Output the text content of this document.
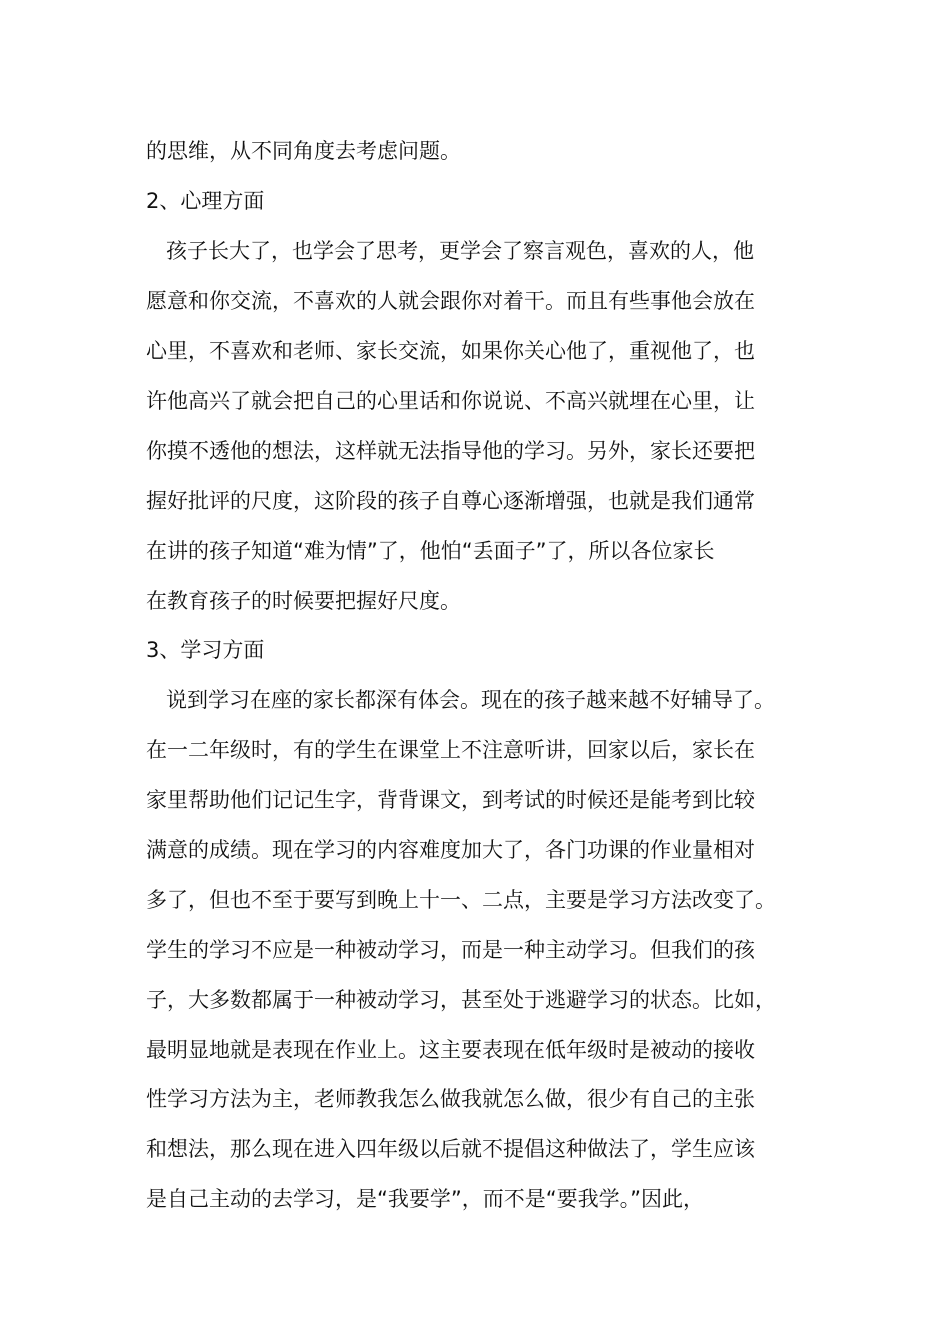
的思维，从不同角度去考虑问题。

2、心理方面

孩子长大了，也学会了思考，更学会了察言观色，喜欢的人，他

愿意和你交流，不喜欢的人就会跟你对着干。而且有些事他会放在

心里，不喜欢和老师、家长交流，如果你关心他了，重视他了，也

许他高兴了就会把自己的心里话和你说说、不高兴就埋在心里，让

你摸不透他的想法，这样就无法指导他的学习。另外，家长还要把

握好批评的尺度，这阶段的孩子自尊心逐渐增强，也就是我们通常

在讲的孩子知道“难为情”了，他怕“丢面子”了，所以各位家长

在教育孩子的时候要把握好尺度。

3、学习方面

说到学习在座的家长都深有体会。现在的孩子越来越不好辅导了。

在一二年级时，有的学生在课堂上不注意听讲，回家以后，家长在

家里帮助他们记记生字，背背课文，到考试的时候还是能考到比较

满意的成绩。现在学习的内容难度加大了，各门功课的作业量相对

多了，但也不至于要写到晚上十一、二点，主要是学习方法改变了。

学生的学习不应是一种被动学习，而是一种主动学习。但我们的孩

子，大多数都属于一种被动学习，甚至处于逃避学习的状态。比如，

最明显地就是表现在作业上。这主要表现在低年级时是被动的接收

性学习方法为主，老师教我怎么做我就怎么做，很少有自己的主张

和想法，那么现在进入四年级以后就不提倡这种做法了，学生应该

是自己主动的去学习，是“我要学”，而不是“要我学。”因此，
